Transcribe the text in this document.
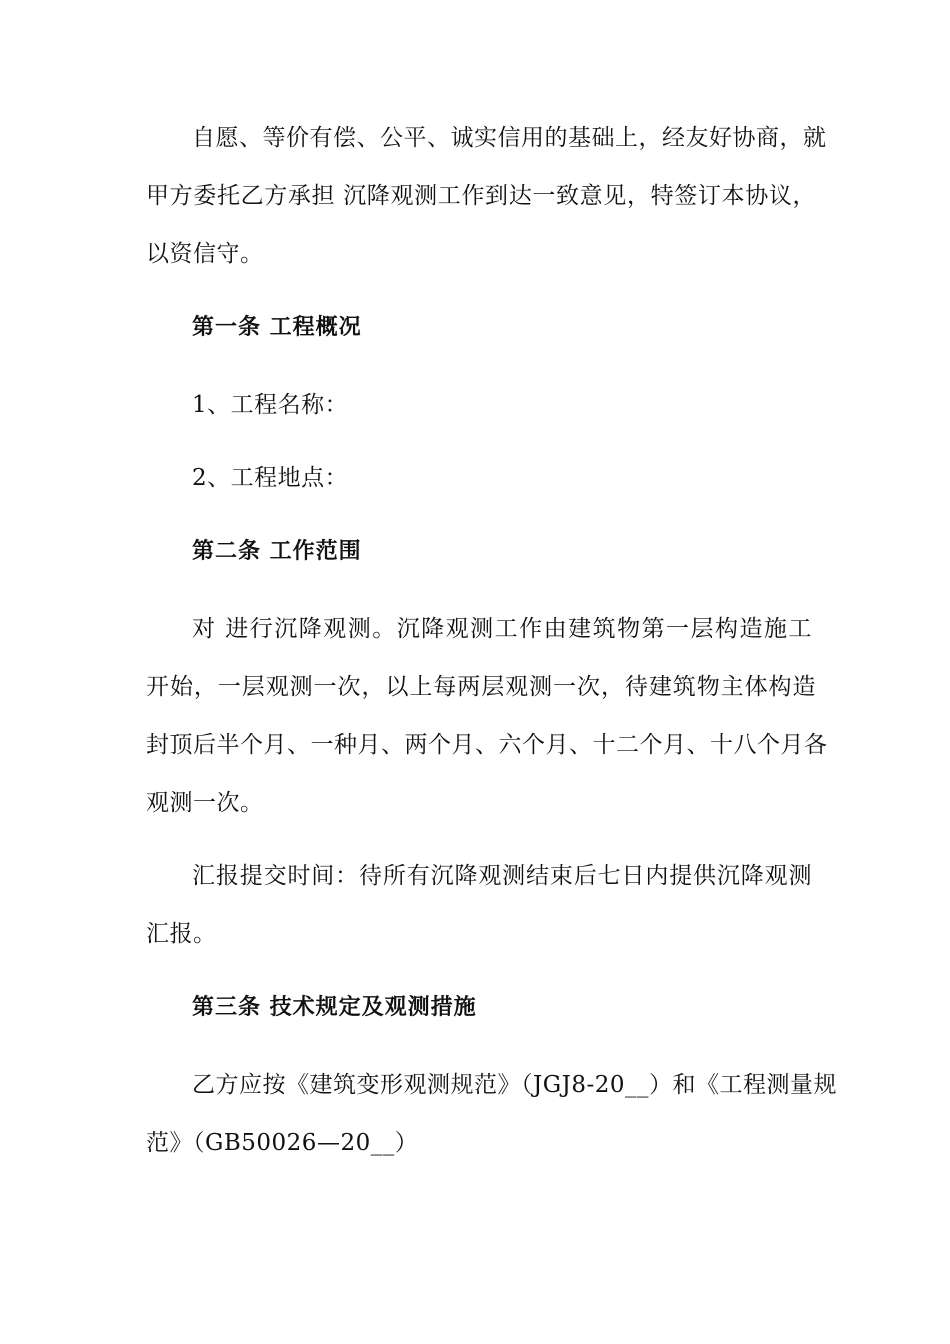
自愿、等价有偿、公平、诚实信用的基础上，经友好协商，就
甲方委托乙方承担 沉降观测工作到达一致意见，特签订本协议，
以资信守。
第一条 工程概况
1、工程名称：
2、工程地点：
第二条 工作范围
对 进行沉降观测。沉降观测工作由建筑物第一层构造施工
开始，一层观测一次，以上每两层观测一次，待建筑物主体构造
封顶后半个月、一种月、两个月、六个月、十二个月、十八个月各
观测一次。
汇报提交时间：待所有沉降观测结束后七日内提供沉降观测
汇报。
第三条 技术规定及观测措施
乙方应按《建筑变形观测规范》（JGJ8-20__）和《工程测量规
范》（GB50026—20__）
